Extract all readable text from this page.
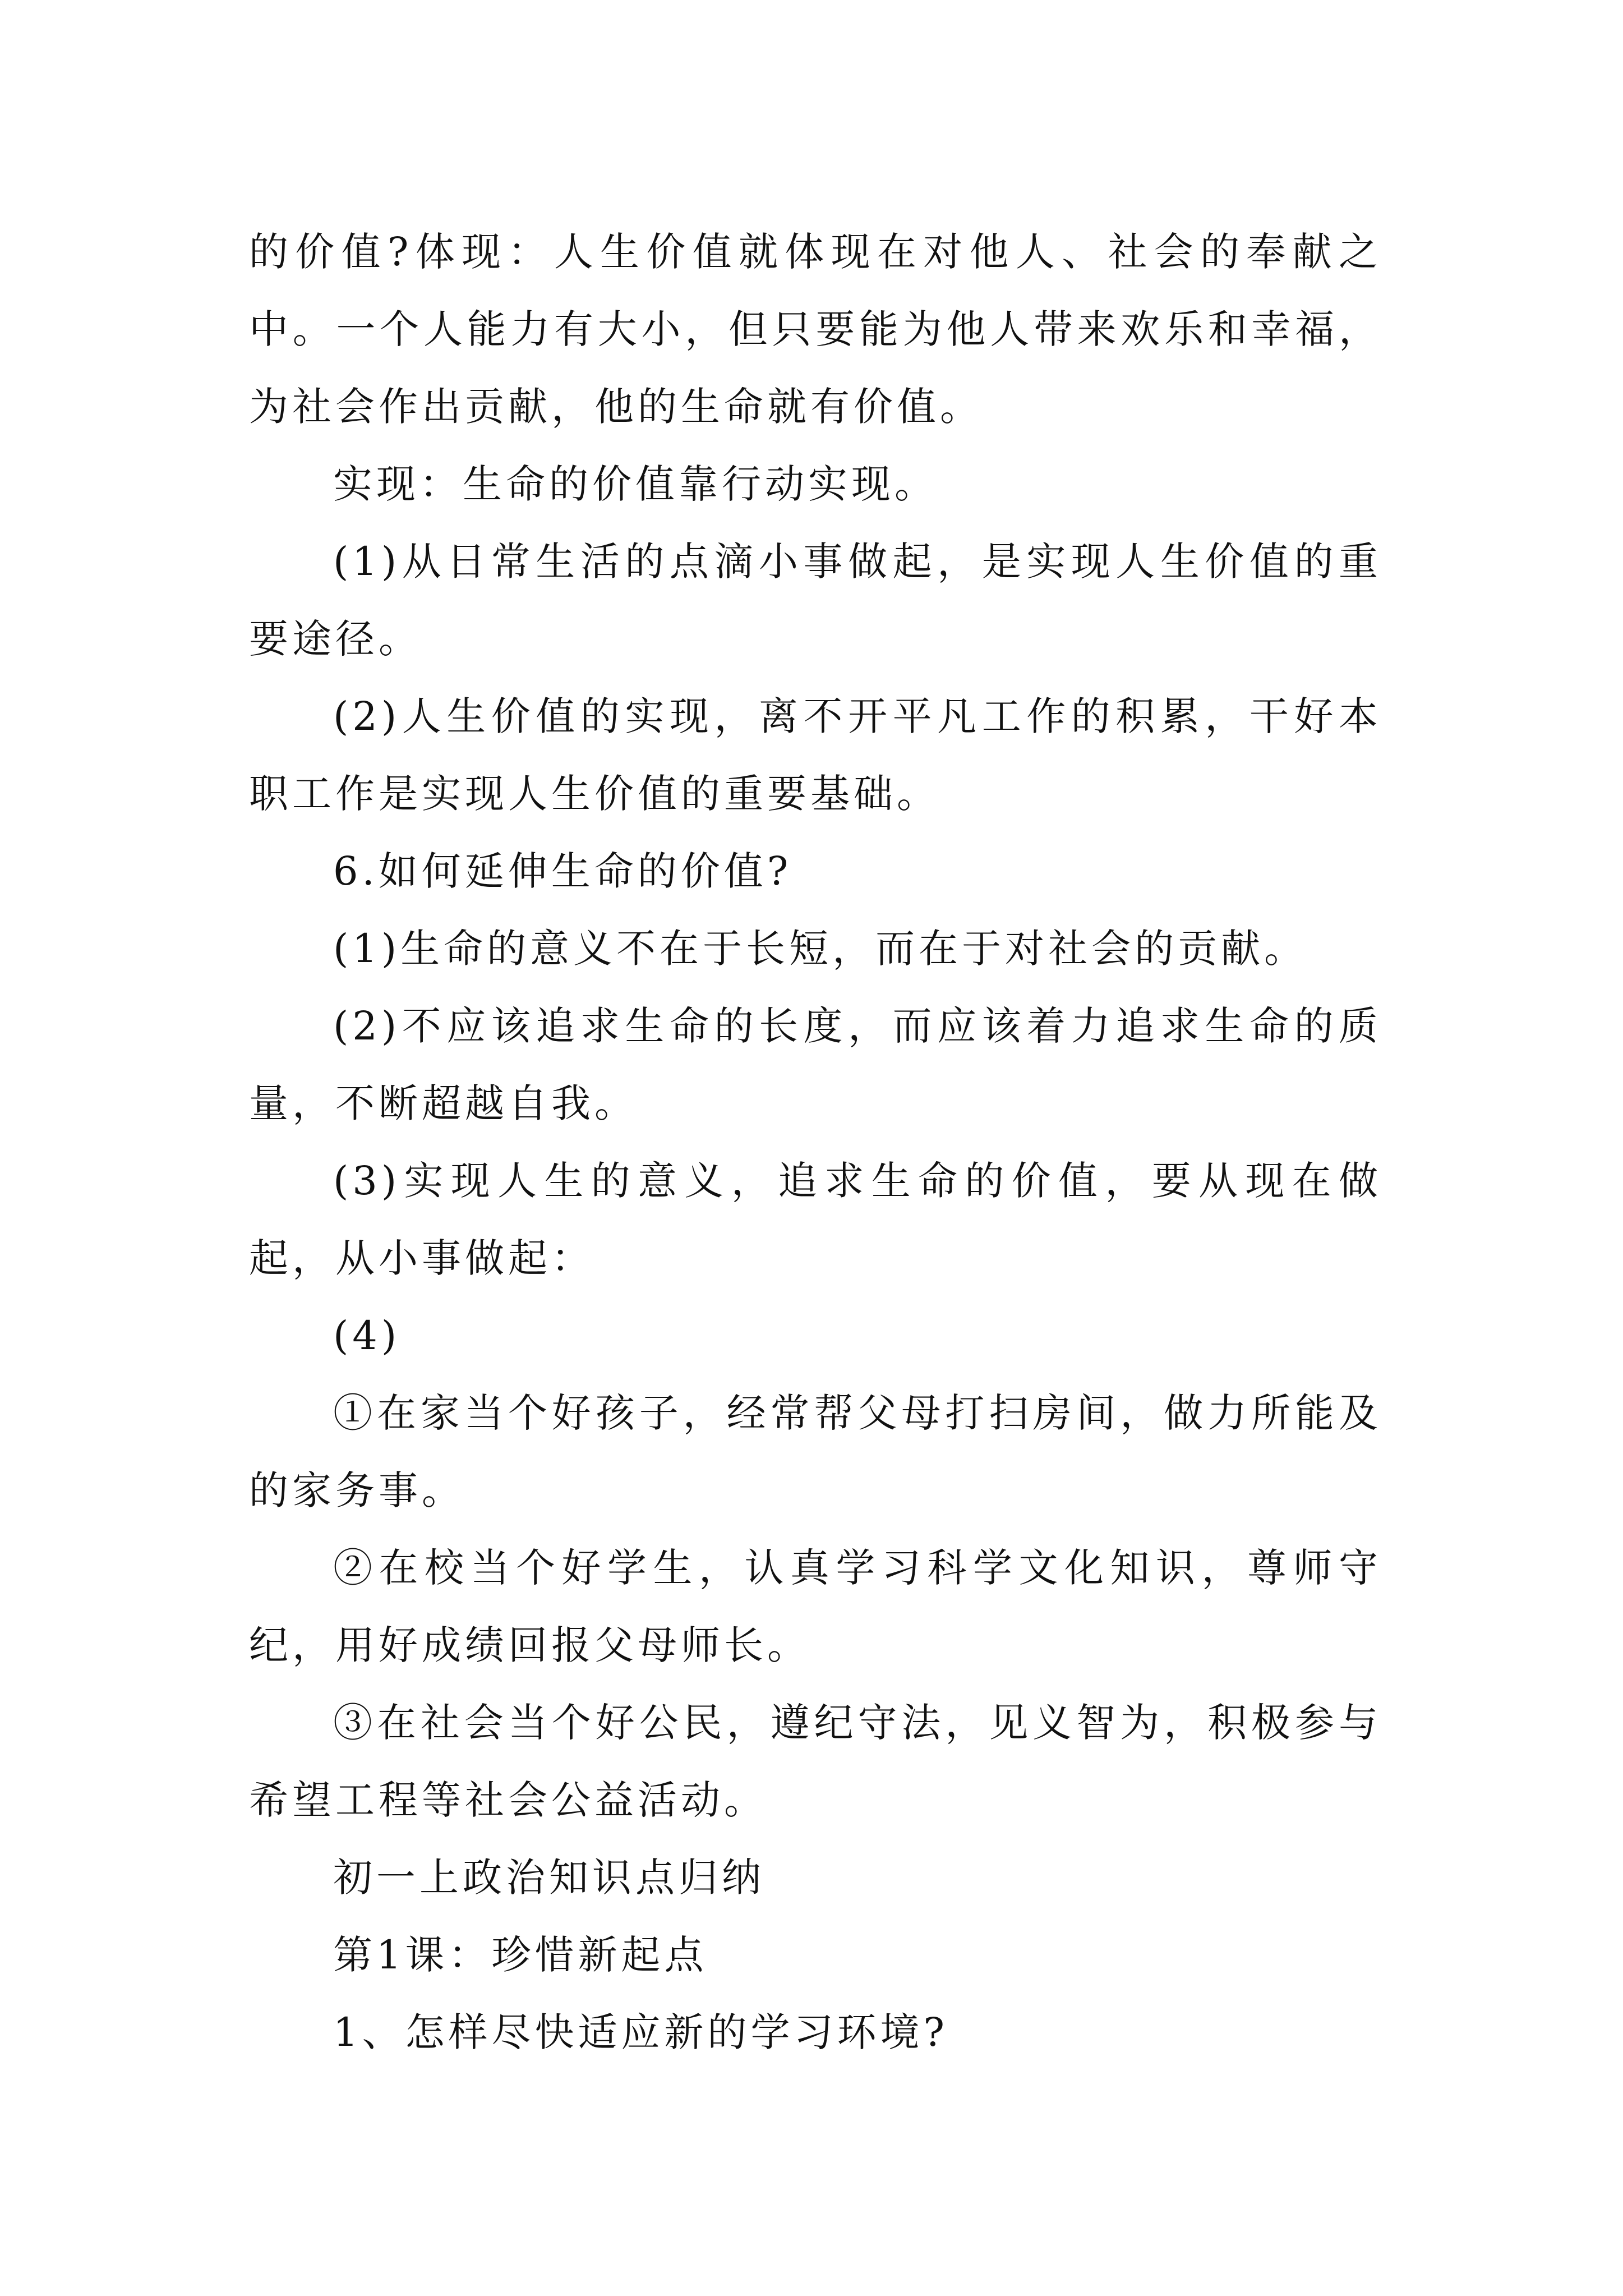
的价值?体现：人生价值就体现在对他人、社会的奉献之中。一个人能力有大小，但只要能为他人带来欢乐和幸福，为社会作出贡献，他的生命就有价值。

实现：生命的价值靠行动实现。

(1)从日常生活的点滴小事做起，是实现人生价值的重要途径。

(2)人生价值的实现，离不开平凡工作的积累，干好本职工作是实现人生价值的重要基础。

6.如何延伸生命的价值?

(1)生命的意义不在于长短，而在于对社会的贡献。

(2)不应该追求生命的长度，而应该着力追求生命的质量，不断超越自我。

(3)实现人生的意义，追求生命的价值，要从现在做起，从小事做起：

(4)

①在家当个好孩子，经常帮父母打扫房间，做力所能及的家务事。

②在校当个好学生，认真学习科学文化知识，尊师守纪，用好成绩回报父母师长。

③在社会当个好公民，遵纪守法，见义智为，积极参与希望工程等社会公益活动。

初一上政治知识点归纳

第1课：珍惜新起点

1、怎样尽快适应新的学习环境?
